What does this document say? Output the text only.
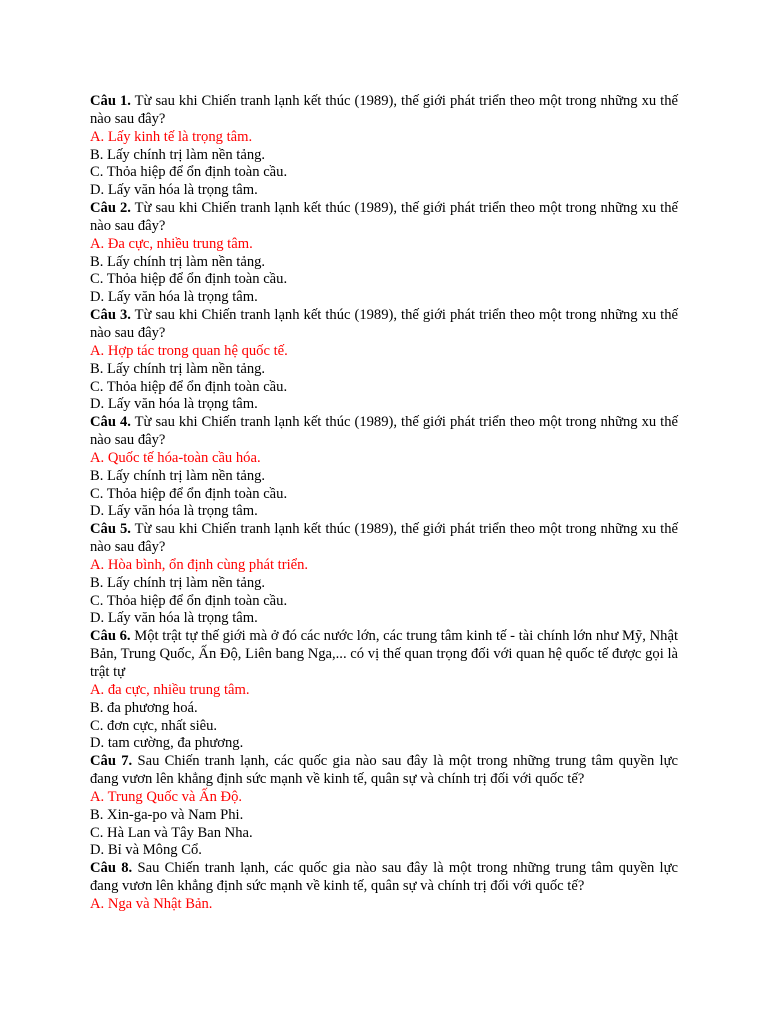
Câu 1. Từ sau khi Chiến tranh lạnh kết thúc (1989), thế giới phát triển theo một trong những xu thế nào sau đây?

A. Lấy kinh tế là trọng tâm.

B. Lấy chính trị làm nền tảng.

C. Thỏa hiệp để ổn định toàn cầu.

D. Lấy văn hóa là trọng tâm.

Câu 2. Từ sau khi Chiến tranh lạnh kết thúc (1989), thế giới phát triển theo một trong những xu thế nào sau đây?

A. Đa cực, nhiều trung tâm.

B. Lấy chính trị làm nền tảng.

C. Thỏa hiệp để ổn định toàn cầu.

D. Lấy văn hóa là trọng tâm.

Câu 3. Từ sau khi Chiến tranh lạnh kết thúc (1989), thế giới phát triển theo một trong những xu thế nào sau đây?

A. Hợp tác trong quan hệ quốc tế.

B. Lấy chính trị làm nền tảng.

C. Thỏa hiệp để ổn định toàn cầu.

D. Lấy văn hóa là trọng tâm.

Câu 4. Từ sau khi Chiến tranh lạnh kết thúc (1989), thế giới phát triển theo một trong những xu thế nào sau đây?

A. Quốc tế hóa-toàn cầu hóa.

B. Lấy chính trị làm nền tảng.

C. Thỏa hiệp để ổn định toàn cầu.

D. Lấy văn hóa là trọng tâm.

Câu 5. Từ sau khi Chiến tranh lạnh kết thúc (1989), thế giới phát triển theo một trong những xu thế nào sau đây?

A. Hòa bình, ổn định cùng phát triển.

B. Lấy chính trị làm nền tảng.

C. Thỏa hiệp để ổn định toàn cầu.

D. Lấy văn hóa là trọng tâm.

Câu 6. Một trật tự thế giới mà ở đó các nước lớn, các trung tâm kinh tế - tài chính lớn như Mỹ, Nhật Bản, Trung Quốc, Ấn Độ, Liên bang Nga,... có vị thế quan trọng đối với quan hệ quốc tế được gọi là trật tự

A. đa cực, nhiều trung tâm.

B. đa phương hoá.

C. đơn cực, nhất siêu.

D. tam cường, đa phương.

Câu 7. Sau Chiến tranh lạnh, các quốc gia nào sau đây là một trong những trung tâm quyền lực đang vươn lên khẳng định sức mạnh về kinh tế, quân sự và chính trị đối với quốc tế?

A. Trung Quốc và Ấn Độ.

B. Xin-ga-po và Nam Phi.

C. Hà Lan và Tây Ban Nha.

D. Bỉ và Mông Cổ.

Câu 8. Sau Chiến tranh lạnh, các quốc gia nào sau đây là một trong những trung tâm quyền lực đang vươn lên khẳng định sức mạnh về kinh tế, quân sự và chính trị đối với quốc tế?

A. Nga và Nhật Bản.
